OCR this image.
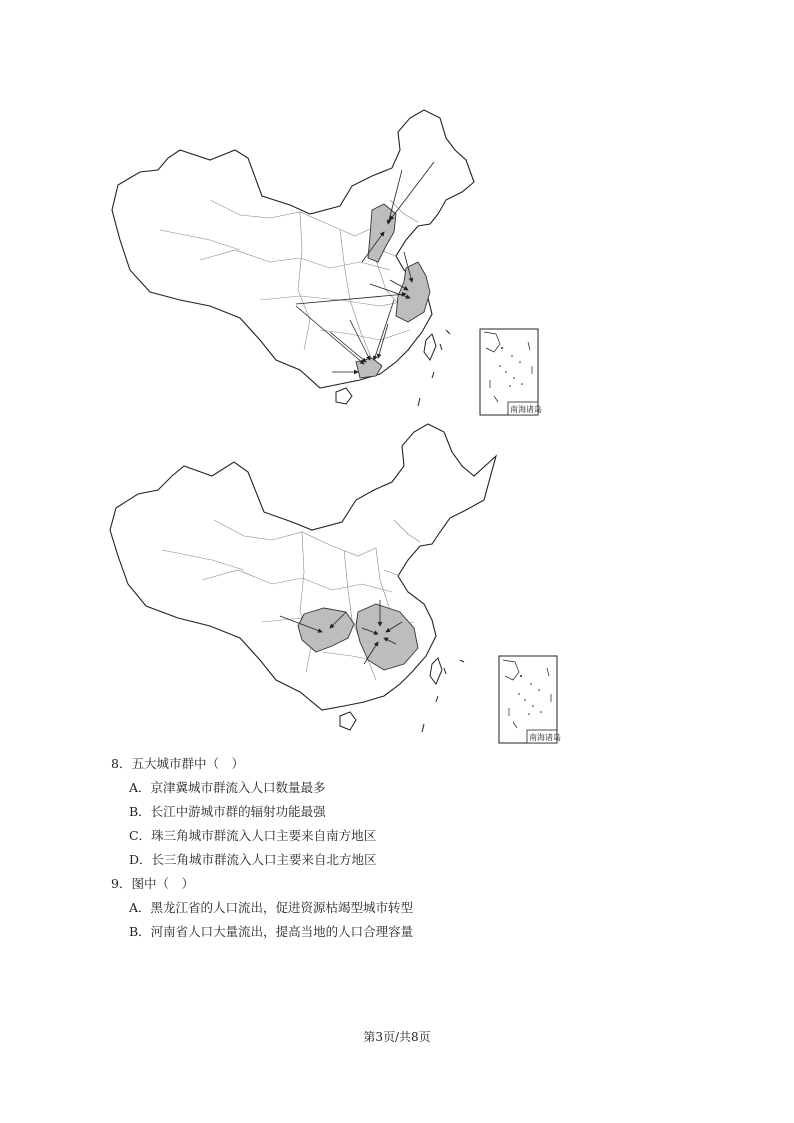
南海诸岛
南海诸岛
8．五大城市群中（　）
A．京津冀城市群流入人口数量最多
B．长江中游城市群的辐射功能最强
C．珠三角城市群流入人口主要来自南方地区
D．长三角城市群流入人口主要来自北方地区
9．图中（　）
A．黑龙江省的人口流出，促进资源枯竭型城市转型
B．河南省人口大量流出，提高当地的人口合理容量
第3页/共8页
